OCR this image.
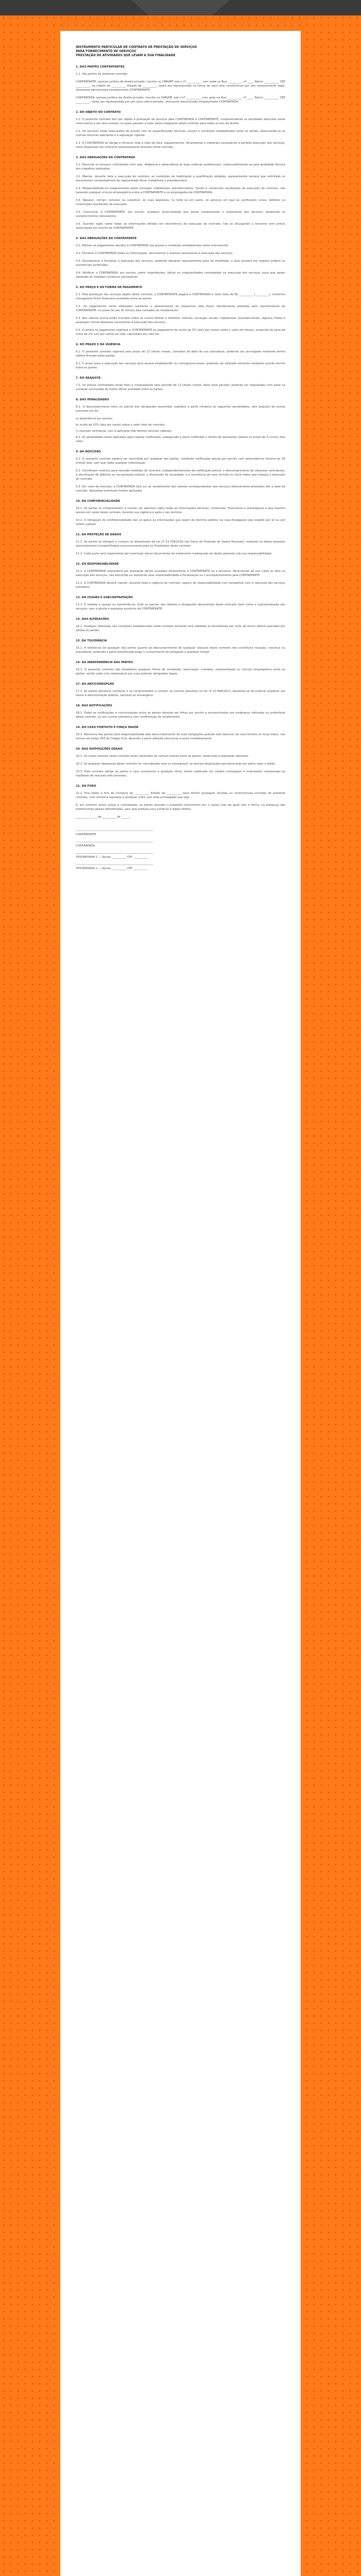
INSTRUMENTO PARTICULAR DE CONTRATO DE PRESTAÇÃO DE SERVIÇOS

PARA FORNECIMENTO DE SERVIÇOS

PRESTAÇÃO DE ATIVIDADES QUE LEVAM A SUA FINALIDADE

1. DAS PARTES CONTRATANTES

1.1. São partes do presente contrato:

CONTRATANTE: pessoa jurídica de direito privado, inscrita no CNPJ/MF sob o nº __________, com sede na Rua __________, nº ____, Bairro __________, CEP __________, na cidade de __________, Estado de __________, neste ato representada na forma de seus atos constitutivos por seu representante legal, doravante denominada simplesmente CONTRATANTE.

CONTRATADA: pessoa jurídica de direito privado, inscrita no CNPJ/MF sob o nº __________, com sede na Rua __________, nº ____, Bairro __________, CEP __________, neste ato representada por seu sócio administrador, doravante denominada simplesmente CONTRATADA.

2. DO OBJETO DO CONTRATO

2.1. O presente contrato tem por objeto a prestação de serviços pela CONTRATADA à CONTRATANTE, compreendendo as atividades descritas neste instrumento e em seus anexos, os quais passam a fazer parte integrante deste contrato para todos os fins de direito.

2.2. Os serviços serão executados de acordo com as especificações técnicas, prazos e condições estabelecidos entre as partes, observando-se as normas técnicas aplicáveis e a legislação vigente.

2.3. A CONTRATADA se obriga a fornecer toda a mão de obra, equipamentos, ferramentas e materiais necessários à perfeita execução dos serviços, salvo disposição em contrário expressamente prevista neste contrato.

3. DAS OBRIGAÇÕES DA CONTRATADA

3.1. Executar os serviços contratados com zelo, diligência e observância às boas práticas profissionais, responsabilizando-se pela qualidade técnica dos trabalhos realizados.

3.2. Manter, durante toda a execução do contrato, as condições de habilitação e qualificação exigidas, apresentando sempre que solicitado os documentos comprobatórios de regularidade fiscal, trabalhista e previdenciária.

3.3. Responsabilizar-se integralmente pelos encargos trabalhistas, previdenciários, fiscais e comerciais resultantes da execução do contrato, não havendo qualquer vínculo empregatício entre a CONTRATANTE e os empregados da CONTRATADA.

3.4. Reparar, corrigir, remover ou substituir, às suas expensas, no total ou em parte, os serviços em que se verificarem vícios, defeitos ou incorreções resultantes da execução.

3.5. Comunicar à CONTRATANTE, por escrito, qualquer anormalidade que possa comprometer o andamento dos serviços, prestando os esclarecimentos necessários.

3.6. Guardar sigilo sobre todas as informações obtidas em decorrência da execução do contrato, não as divulgando a terceiros sem prévia autorização por escrito da CONTRATANTE.

4. DAS OBRIGAÇÕES DA CONTRATANTE

4.1. Efetuar os pagamentos devidos à CONTRATADA nos prazos e condições estabelecidos neste instrumento.

4.2. Fornecer à CONTRATADA todas as informações, documentos e acessos necessários à execução dos serviços.

4.3. Acompanhar e fiscalizar a execução dos serviços, podendo designar representante para tal finalidade, o qual anotará em registro próprio as ocorrências verificadas.

4.4. Notificar a CONTRATADA, por escrito, sobre imperfeições, falhas ou irregularidades constatadas na execução dos serviços, para que sejam adotadas as medidas corretivas necessárias.

5. DO PREÇO E DA FORMA DE PAGAMENTO

5.1. Pela prestação dos serviços objeto deste contrato, a CONTRATANTE pagará à CONTRATADA o valor total de R$ __________ (__________), conforme cronograma físico-financeiro acordado entre as partes.

5.2. Os pagamentos serão efetuados mediante a apresentação da respectiva nota fiscal, devidamente atestada pelo representante da CONTRATANTE, no prazo de até 30 (trinta) dias contados do recebimento.

5.3. Nos valores acima estão incluídos todos os custos diretos e indiretos, tributos, encargos sociais, trabalhistas, previdenciários, seguros, fretes e quaisquer outras despesas necessárias à execução dos serviços.

5.4. O atraso no pagamento sujeitará a CONTRATANTE ao pagamento de multa de 2% (dois por cento) sobre o valor em atraso, acrescida de juros de mora de 1% (um por cento) ao mês, calculados pro rata die.

6. DO PRAZO E DA VIGÊNCIA

6.1. O presente contrato vigorará pelo prazo de 12 (doze) meses, contados da data de sua assinatura, podendo ser prorrogado mediante termo aditivo firmado pelas partes.

6.2. O prazo para a execução dos serviços será aquele estabelecido no cronograma anexo, podendo ser alterado somente mediante acordo escrito entre as partes.

7. DO REAJUSTE

7.1. Os preços contratados serão fixos e irreajustáveis pelo período de 12 (doze) meses. Após esse período, poderão ser reajustados com base na variação acumulada do índice oficial acordado entre as partes.

8. DAS PENALIDADES

8.1. O descumprimento total ou parcial das obrigações assumidas sujeitará a parte infratora às seguintes penalidades, sem prejuízo de outras previstas em lei:

a) advertência por escrito;

b) multa de 10% (dez por cento) sobre o valor total do contrato;

c) rescisão contratual, com a aplicação das demais sanções cabíveis.

8.2. As penalidades serão aplicadas após regular notificação, assegurado à parte notificada o direito de apresentar defesa no prazo de 5 (cinco) dias úteis.

9. DA RESCISÃO

9.1. O presente contrato poderá ser rescindido por qualquer das partes, mediante notificação prévia por escrito com antecedência mínima de 30 (trinta) dias, sem que caiba qualquer indenização.

9.2. Constituem motivos para rescisão imediata do contrato, independentemente de notificação prévia: o descumprimento de cláusulas contratuais; a decretação de falência ou recuperação judicial; a dissolução da sociedade; e a ocorrência de caso fortuito ou força maior que impeça a execução do contrato.

9.3. Em caso de rescisão, a CONTRATADA fará jus ao recebimento dos valores correspondentes aos serviços efetivamente prestados até a data da rescisão, deduzidas eventuais multas aplicadas.

10. DA CONFIDENCIALIDADE

10.1. As partes se comprometem a manter em absoluto sigilo todas as informações técnicas, comerciais, financeiras e estratégicas a que tiverem acesso em razão deste contrato, durante sua vigência e após o seu término.

10.2. A obrigação de confidencialidade não se aplica às informações que sejam de domínio público ou cuja divulgação seja exigida por lei ou por ordem judicial.

11. DA PROTEÇÃO DE DADOS

11.1. As partes se obrigam a cumprir as disposições da Lei nº 13.709/2018 (Lei Geral de Proteção de Dados Pessoais), tratando os dados pessoais eventualmente compartilhados exclusivamente para as finalidades deste contrato.

11.2. Cada parte será responsável por eventuais danos decorrentes do tratamento inadequado de dados pessoais sob sua responsabilidade.

12. DA RESPONSABILIDADE

12.1. A CONTRATADA responderá por quaisquer danos causados diretamente à CONTRATANTE ou a terceiros, decorrentes de sua culpa ou dolo na execução dos serviços, não excluindo ou reduzindo essa responsabilidade a fiscalização ou o acompanhamento pela CONTRATANTE.

12.2. A CONTRATADA deverá manter, durante toda a vigência do contrato, seguro de responsabilidade civil compatível com a natureza dos serviços prestados.

13. DA CESSÃO E SUBCONTRATAÇÃO

13.1. É vedada a cessão ou transferência, total ou parcial, dos direitos e obrigações decorrentes deste contrato, bem como a subcontratação dos serviços, sem a prévia e expressa anuência da CONTRATANTE.

14. DAS ALTERAÇÕES

14.1. Qualquer alteração nas condições estabelecidas neste contrato somente terá validade se formalizada por meio de termo aditivo assinado por ambas as partes.

15. DA TOLERÂNCIA

15.1. A tolerância de qualquer das partes quanto ao descumprimento de qualquer cláusula deste contrato não constituirá novação, renúncia ou precedente, podendo a parte prejudicada exigir o cumprimento da obrigação a qualquer tempo.

16. DA INDEPENDÊNCIA DAS PARTES

16.1. O presente contrato não estabelece qualquer forma de sociedade, associação, mandato, representação ou vínculo empregatício entre as partes, sendo cada uma responsável por suas próprias obrigações legais.

17. DA ANTICORRUPÇÃO

17.1. As partes declaram conhecer e se comprometem a cumprir as normas previstas na Lei nº 12.846/2013, abstendo-se de praticar qualquer ato lesivo à administração pública, nacional ou estrangeira.

18. DAS NOTIFICAÇÕES

18.1. Todas as notificações e comunicações entre as partes deverão ser feitas por escrito e encaminhadas aos endereços indicados no preâmbulo deste contrato, ou por correio eletrônico com confirmação de recebimento.

19. DO CASO FORTUITO E FORÇA MAIOR

19.1. Nenhuma das partes será responsabilizada pelo descumprimento de suas obrigações quando este decorrer de caso fortuito ou força maior, nos termos do artigo 393 do Código Civil, devendo a parte afetada comunicar a outra imediatamente.

20. DAS DISPOSIÇÕES GERAIS

20.1. Os casos omissos neste contrato serão resolvidos de comum acordo entre as partes, observada a legislação aplicável.

20.2. Se qualquer disposição deste contrato for considerada nula ou inexequível, as demais disposições permanecerão em pleno vigor e efeito.

20.3. Este contrato obriga as partes e seus sucessores a qualquer título, sendo celebrado em caráter irrevogável e irretratável, ressalvadas as hipóteses de rescisão nele previstas.

21. DO FORO

21.1. Fica eleito o foro da Comarca de __________, Estado de __________, para dirimir quaisquer dúvidas ou controvérsias oriundas do presente contrato, com renúncia expressa a qualquer outro, por mais privilegiado que seja.

E, por estarem assim justas e contratadas, as partes assinam o presente instrumento em 2 (duas) vias de igual teor e forma, na presença das testemunhas abaixo identificadas, para que produza seus jurídicos e legais efeitos.

__________, ____ de __________ de ______.

CONTRATANTE

CONTRATADA

TESTEMUNHA 1 — Nome: __________ CPF: __________

TESTEMUNHA 2 — Nome: __________ CPF: __________
